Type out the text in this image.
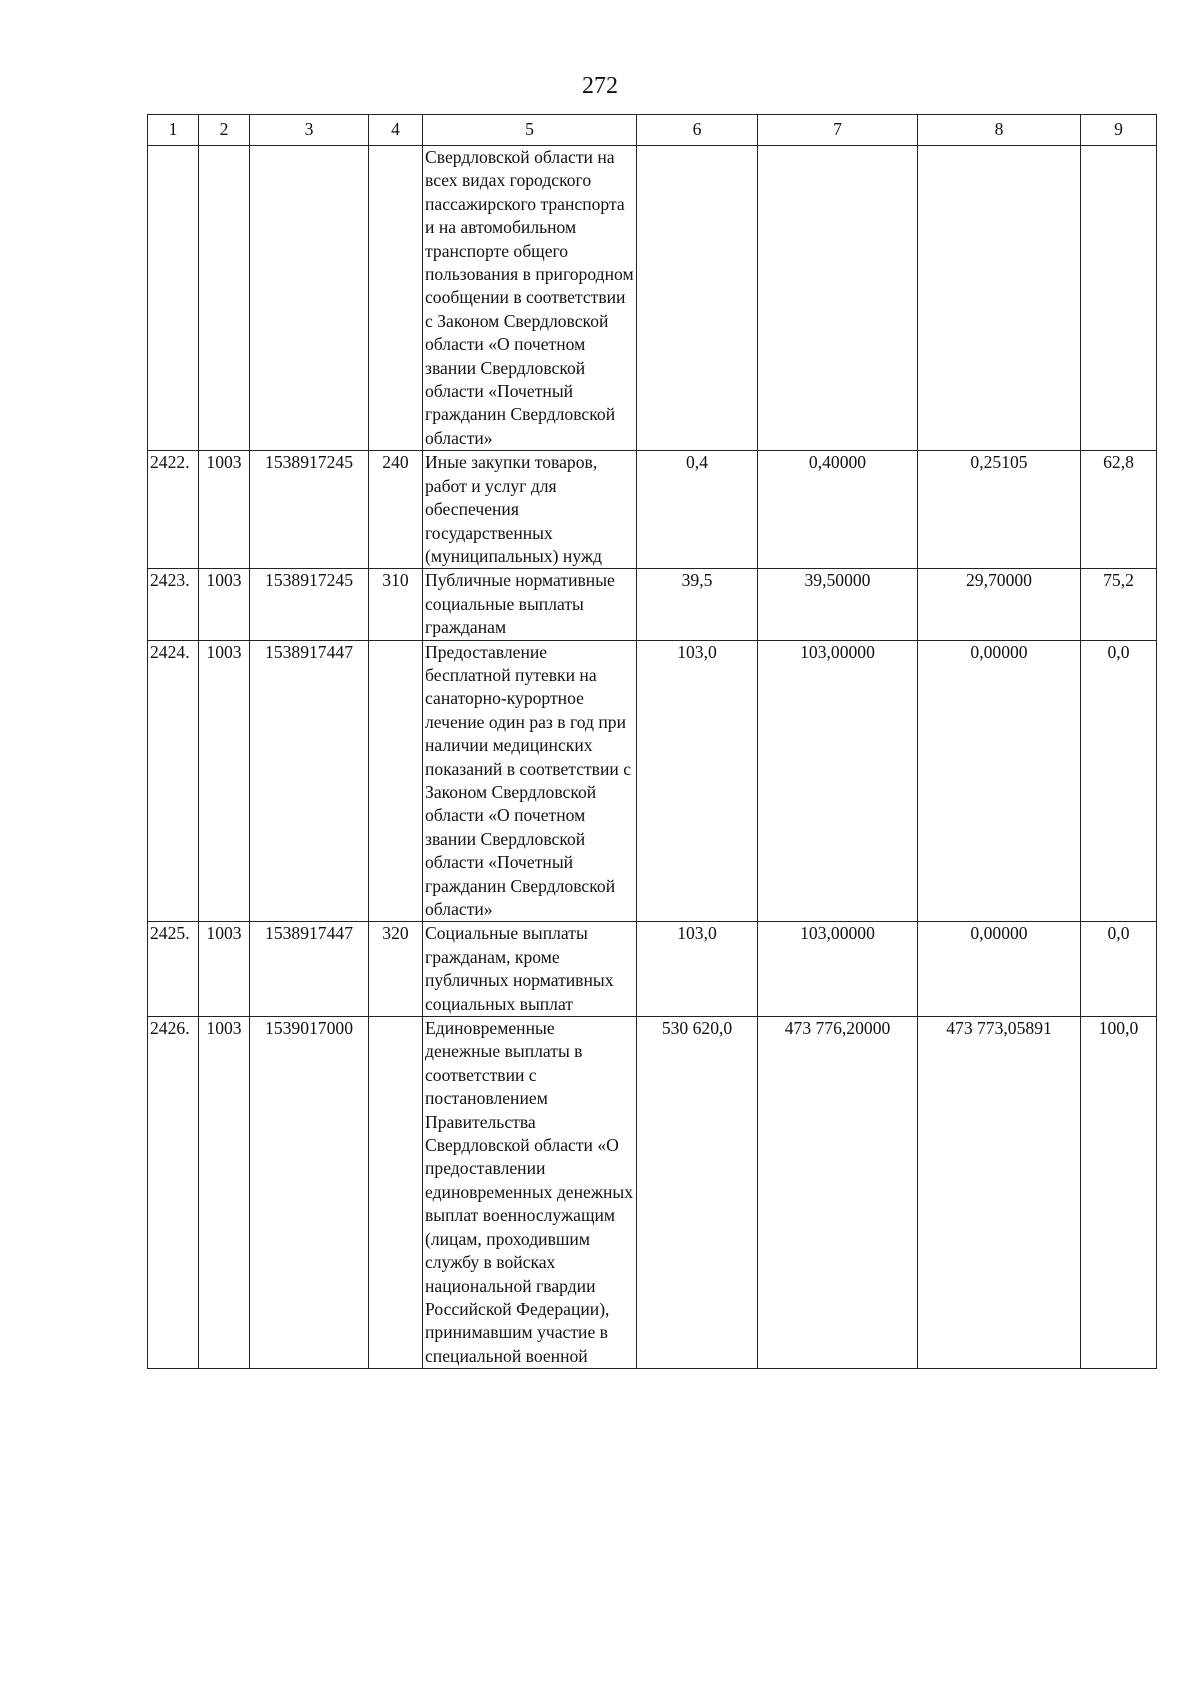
272
1	2	3	4	5	6	7	8	9
				Свердловской области на всех видах городского пассажирского транспорта и на автомобильном транспорте общего пользования в пригородном сообщении в соответствии с Законом Свердловской области «О почетном звании Свердловской области «Почетный гражданин Свердловской области»				
2422.	1003	1538917245	240	Иные закупки товаров, работ и услуг для обеспечения государственных (муниципальных) нужд	0,4	0,40000	0,25105	62,8
2423.	1003	1538917245	310	Публичные нормативные социальные выплаты гражданам	39,5	39,50000	29,70000	75,2
2424.	1003	1538917447		Предоставление бесплатной путевки на санаторно-курортное лечение один раз в год при наличии медицинских показаний в соответствии с Законом Свердловской области «О почетном звании Свердловской области «Почетный гражданин Свердловской области»	103,0	103,00000	0,00000	0,0
2425.	1003	1538917447	320	Социальные выплаты гражданам, кроме публичных нормативных социальных выплат	103,0	103,00000	0,00000	0,0
2426.	1003	1539017000		Единовременные денежные выплаты в соответствии с постановлением Правительства Свердловской области «О предоставлении единовременных денежных выплат военнослужащим (лицам, проходившим службу в войсках национальной гвардии Российской Федерации), принимавшим участие в специальной военной	530 620,0	473 776,20000	473 773,05891	100,0
